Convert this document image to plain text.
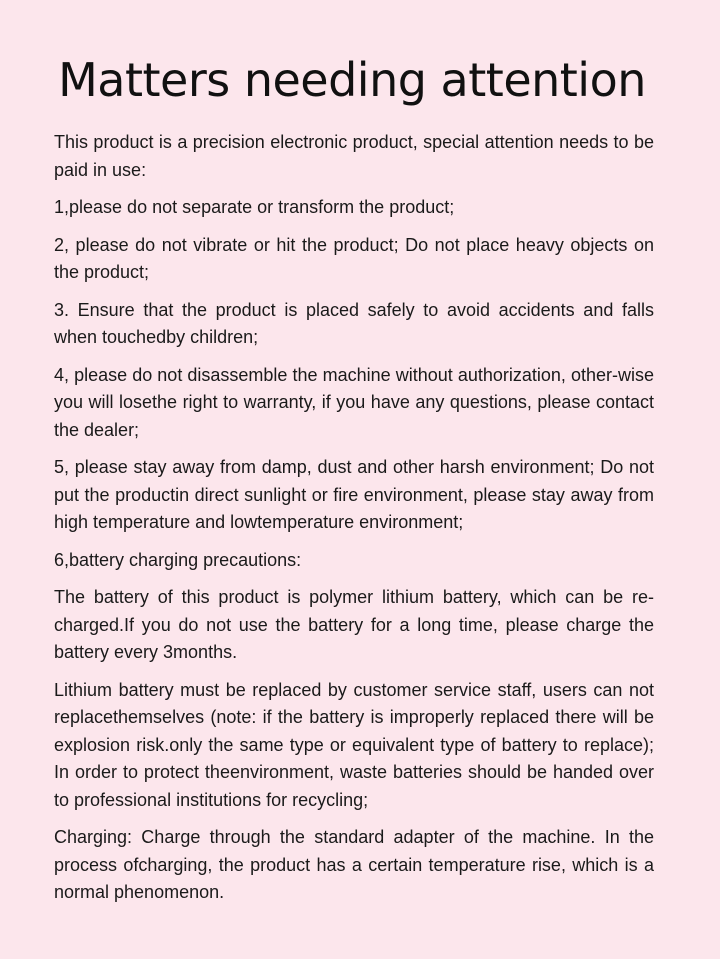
Matters needing attention

This product is a precision electronic product, special attention needs to be paid in use:

1,please do not separate or transform the product;

2, please do not vibrate or hit the product; Do not place heavy objects on the product;

3. Ensure that the product is placed safely to avoid accidents and falls when touchedby children;

4, please do not disassemble the machine without authorization, other-wise you will losethe right to warranty, if you have any questions, please contact the dealer;

5, please stay away from damp, dust and other harsh environment; Do not put the productin direct sunlight or fire environment, please stay away from high temperature and lowtemperature environment;

6,battery charging precautions:

The battery of this product is polymer lithium battery, which can be re-charged.If you do not use the battery for a long time, please charge the battery every 3months.

Lithium battery must be replaced by customer service staff, users can not replacethemselves (note: if the battery is improperly replaced there will be explosion risk.only the same type or equivalent type of battery to replace); In order to protect theenvironment, waste batteries should be handed over to professional institutions for recycling;

Charging: Charge through the standard adapter of the machine. In the process ofcharging, the product has a certain temperature rise, which is a normal phenomenon.
